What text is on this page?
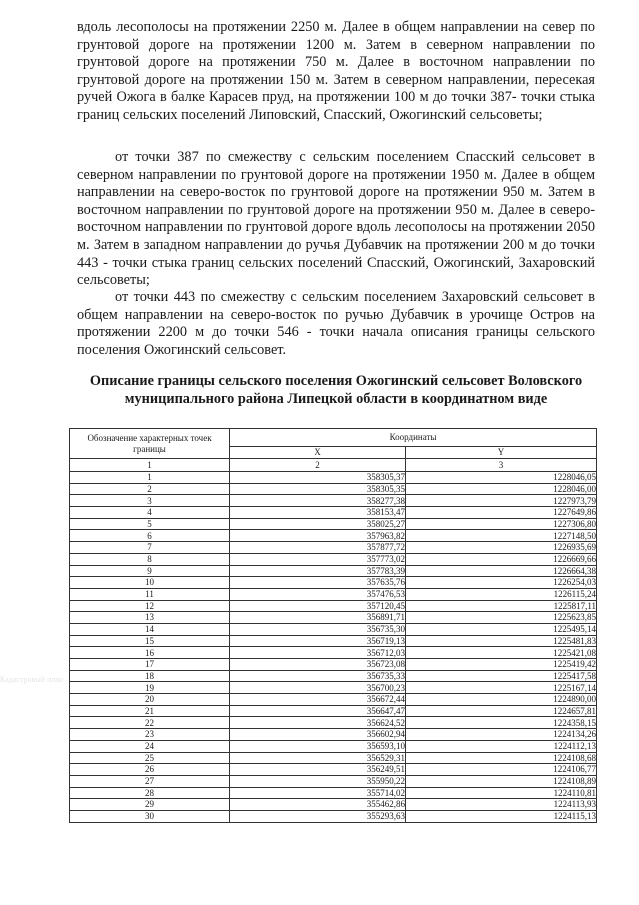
вдоль лесополосы на протяжении 2250 м. Далее в общем направлении на север по грунтовой дороге на протяжении 1200 м. Затем в северном направлении по грунтовой дороге на протяжении 750 м. Далее в восточном направлении по грунтовой дороге на протяжении 150 м. Затем в северном направлении, пересекая ручей Ожога в балке Карасев пруд, на протяжении 100 м до точки 387- точки стыка границ сельских поселений Липовский, Спасский, Ожогинский сельсоветы;

от точки 387 по смежеству с сельским поселением Спасский сельсовет в северном направлении по грунтовой дороге на протяжении 1950 м. Далее в общем направлении на северо-восток по грунтовой дороге на протяжении 950 м. Затем в восточном направлении по грунтовой дороге на протяжении 950 м. Далее в северо-восточном направлении по грунтовой дороге вдоль лесополосы на протяжении 2050 м. Затем в западном направлении до ручья Дубавчик на протяжении 200 м до точки 443 - точки стыка границ сельских поселений Спасский, Ожогинский, Захаровский сельсоветы;

от точки 443 по смежеству с сельским поселением Захаровский сельсовет в общем направлении на северо-восток по ручью Дубавчик в урочище Остров на протяжении 2200 м до точки 546 - точки начала описания границы сельского поселения Ожогинский сельсовет.

Описание границы сельского поселения Ожогинский сельсовет Воловского муниципального района Липецкой области в координатном виде
Обозначение характерных точек границы	Координаты	
	X	Y
1	2	3
1	358305,37	1228046,05
2	358305,35	1228046,00
3	358277,38	1227973,79
4	358153,47	1227649,86
5	358025,27	1227306,80
6	357963,82	1227148,50
7	357877,72	1226935,69
8	357773,02	1226669,66
9	357783,39	1226664,38
10	357635,76	1226254,03
11	357476,53	1226115,24
12	357120,45	1225817,11
13	356891,71	1225623,85
14	356735,30	1225495,14
15	356719,13	1225481,83
16	356712,03	1225421,08
17	356723,08	1225419,42
18	356735,33	1225417,58
19	356700,23	1225167,14
20	356672,44	1224890,00
21	356647,47	1224657,81
22	356624,52	1224358,15
23	356602,94	1224134,26
24	356593,10	1224112,13
25	356529,31	1224108,68
26	356249,51	1224106,77
27	355950,22	1224108,89
28	355714,02	1224110,81
29	355462,86	1224113,93
30	355293,63	1224115,13
Кадастровый план
